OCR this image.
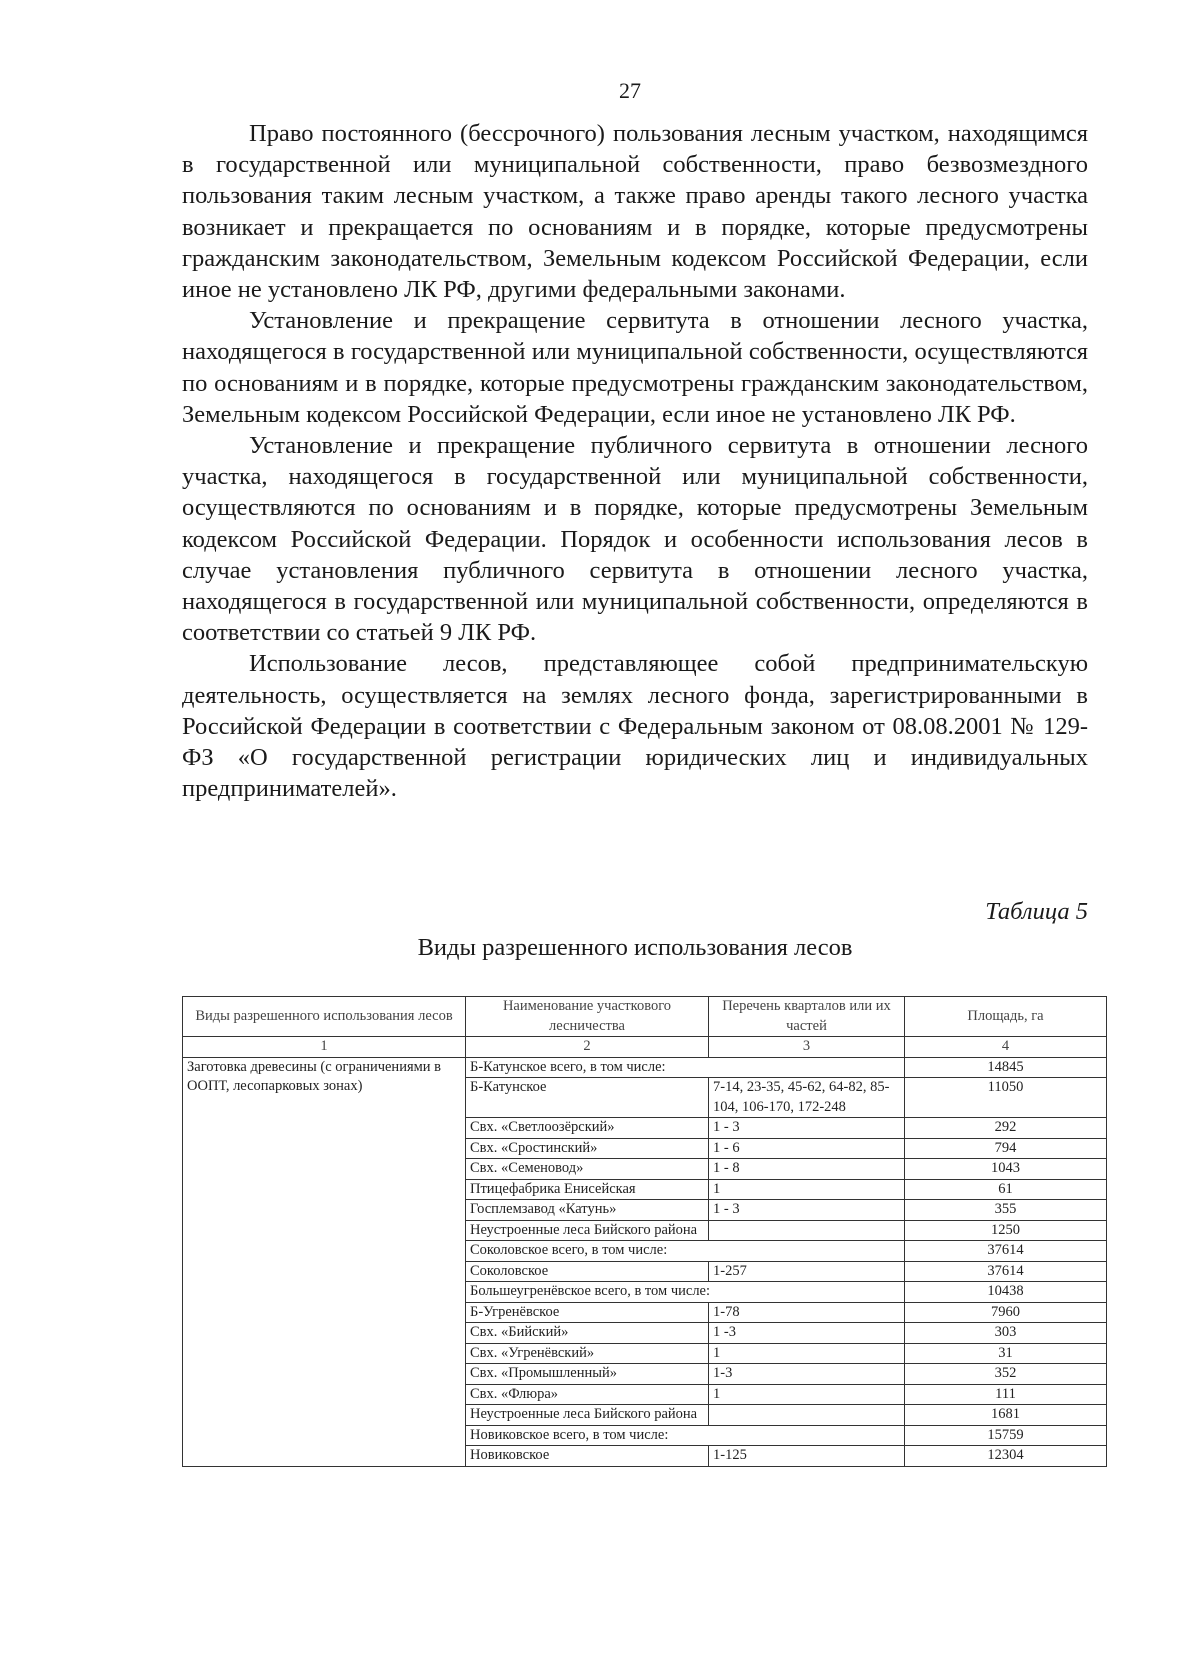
27

Право постоянного (бессрочного) пользования лесным участком, находящимся в государственной или муниципальной собственности, право безвозмездного пользования таким лесным участком, а также право аренды такого лесного участка возникает и прекращается по основаниям и в порядке, которые предусмотрены гражданским законодательством, Земельным кодексом Российской Федерации, если иное не установлено ЛК РФ, другими федеральными законами.

Установление и прекращение сервитута в отношении лесного участка, находящегося в государственной или муниципальной собственности, осуществляются по основаниям и в порядке, которые предусмотрены гражданским законодательством, Земельным кодексом Российской Федерации, если иное не установлено ЛК РФ.

Установление и прекращение публичного сервитута в отношении лесного участка, находящегося в государственной или муниципальной собственности, осуществляются по основаниям и в порядке, которые предусмотрены Земельным кодексом Российской Федерации. Порядок и особенности использования лесов в случае установления публичного сервитута в отношении лесного участка, находящегося в государственной или муниципальной собственности, определяются в соответствии со статьей 9 ЛК РФ.

Использование лесов, представляющее собой предпринимательскую деятельность, осуществляется на землях лесного фонда, зарегистрированными в Российской Федерации в соответствии с Федеральным законом от 08.08.2001 № 129-ФЗ «О государственной регистрации юридических лиц и индивидуальных предпринимателей».

Таблица 5
Виды разрешенного использования лесов
Виды разрешенного использования лесов	Наименование участкового лесничества	Перечень кварталов или их частей	Площадь, га
1	2	3	4
Заготовка древесины (с ограничениями в ООПТ, лесопарковых зонах)	Б-Катунское всего, в том числе:		14845
	Б-Катунское	7-14, 23-35, 45-62, 64-82, 85-104, 106-170, 172-248	11050
	Свх. «Светлоозёрский»	1 - 3	292
	Свх. «Сростинский»	1 - 6	794
	Свх. «Семеновод»	1 - 8	1043
	Птицефабрика Енисейская	1	61
	Госплемзавод «Катунь»	1 - 3	355
	Неустроенные леса Бийского района		1250
	Соколовское всего, в том числе:		37614
	Соколовское	1-257	37614
	Большеугренёвское всего, в том числе:		10438
	Б-Угренёвское	1-78	7960
	Свх. «Бийский»	1 -3	303
	Свх. «Угренёвский»	1	31
	Свх. «Промышленный»	1-3	352
	Свх. «Флюра»	1	111
	Неустроенные леса Бийского района		1681
	Новиковское всего, в том числе:		15759
	Новиковское	1-125	12304
